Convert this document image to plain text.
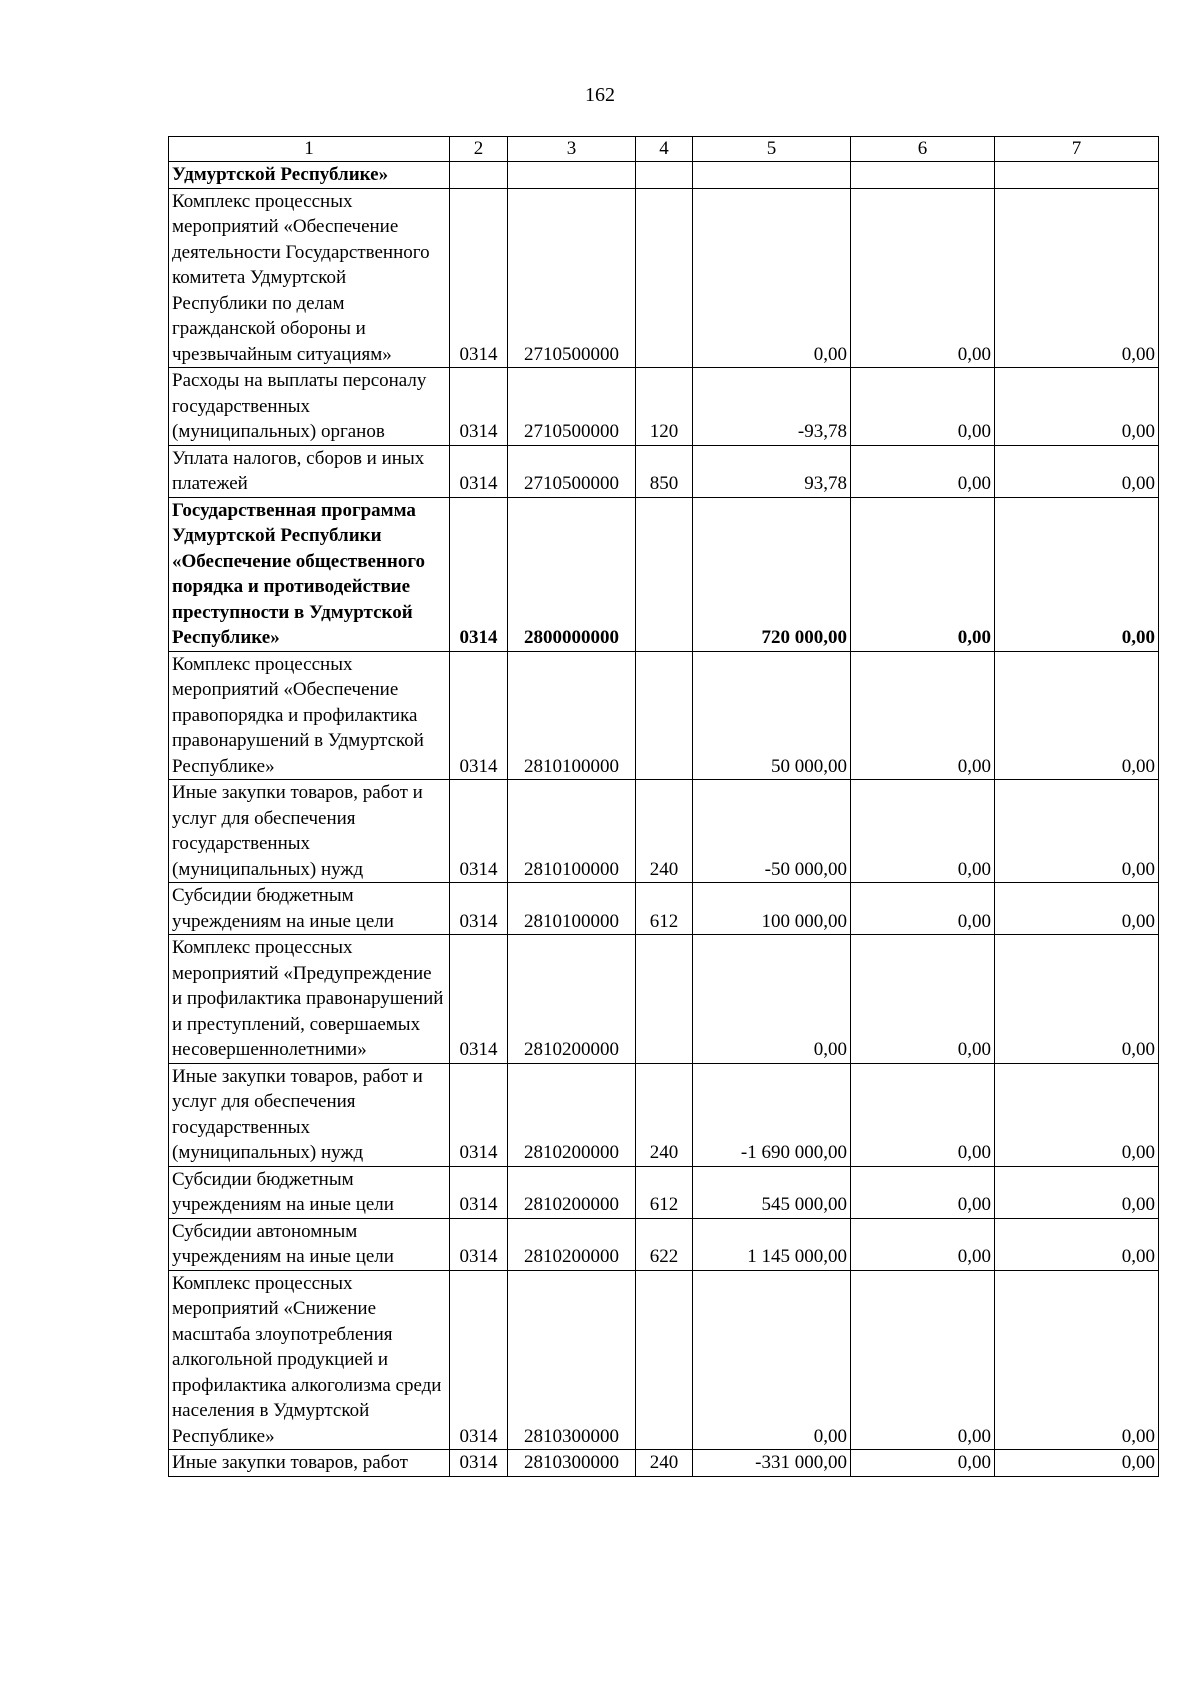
162
1	2	3	4	5	6	7
Удмуртской Республике»						
Комплекс процессных мероприятий «Обеспечение деятельности Государственного комитета Удмуртской Республики по делам гражданской обороны и чрезвычайным ситуациям»	0314	2710500000		0,00	0,00	0,00
Расходы на выплаты персоналу государственных (муниципальных) органов	0314	2710500000	120	-93,78	0,00	0,00
Уплата налогов, сборов и иных платежей	0314	2710500000	850	93,78	0,00	0,00
Государственная программа Удмуртской Республики «Обеспечение общественного порядка и противодействие преступности в Удмуртской Республике»	0314	2800000000		720 000,00	0,00	0,00
Комплекс процессных мероприятий «Обеспечение правопорядка и профилактика правонарушений в Удмуртской Республике»	0314	2810100000		50 000,00	0,00	0,00
Иные закупки товаров, работ и услуг для обеспечения государственных (муниципальных) нужд	0314	2810100000	240	-50 000,00	0,00	0,00
Субсидии бюджетным учреждениям на иные цели	0314	2810100000	612	100 000,00	0,00	0,00
Комплекс процессных мероприятий «Предупреждение и профилактика правонарушений и преступлений, совершаемых несовершеннолетними»	0314	2810200000		0,00	0,00	0,00
Иные закупки товаров, работ и услуг для обеспечения государственных (муниципальных) нужд	0314	2810200000	240	-1 690 000,00	0,00	0,00
Субсидии бюджетным учреждениям на иные цели	0314	2810200000	612	545 000,00	0,00	0,00
Субсидии автономным учреждениям на иные цели	0314	2810200000	622	1 145 000,00	0,00	0,00
Комплекс процессных мероприятий «Снижение масштаба злоупотребления алкогольной продукцией и профилактика алкоголизма среди населения в Удмуртской Республике»	0314	2810300000		0,00	0,00	0,00
Иные закупки товаров, работ	0314	2810300000	240	-331 000,00	0,00	0,00
